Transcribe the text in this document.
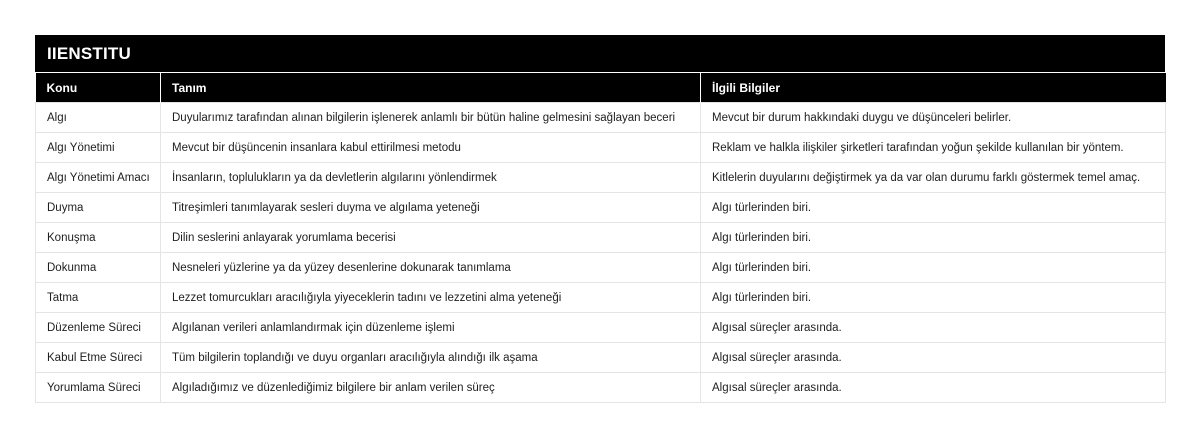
IIENSTITU
Konu	Tanım	İlgili Bilgiler
Algı	Duyularımız tarafından alınan bilgilerin işlenerek anlamlı bir bütün haline gelmesini sağlayan beceri	Mevcut bir durum hakkındaki duygu ve düşünceleri belirler.
Algı Yönetimi	Mevcut bir düşüncenin insanlara kabul ettirilmesi metodu	Reklam ve halkla ilişkiler şirketleri tarafından yoğun şekilde kullanılan bir yöntem.
Algı Yönetimi Amacı	İnsanların, toplulukların ya da devletlerin algılarını yönlendirmek	Kitlelerin duyularını değiştirmek ya da var olan durumu farklı göstermek temel amaç.
Duyma	Titreşimleri tanımlayarak sesleri duyma ve algılama yeteneği	Algı türlerinden biri.
Konuşma	Dilin seslerini anlayarak yorumlama becerisi	Algı türlerinden biri.
Dokunma	Nesneleri yüzlerine ya da yüzey desenlerine dokunarak tanımlama	Algı türlerinden biri.
Tatma	Lezzet tomurcukları aracılığıyla yiyeceklerin tadını ve lezzetini alma yeteneği	Algı türlerinden biri.
Düzenleme Süreci	Algılanan verileri anlamlandırmak için düzenleme işlemi	Algısal süreçler arasında.
Kabul Etme Süreci	Tüm bilgilerin toplandığı ve duyu organları aracılığıyla alındığı ilk aşama	Algısal süreçler arasında.
Yorumlama Süreci	Algıladığımız ve düzenlediğimiz bilgilere bir anlam verilen süreç	Algısal süreçler arasında.
